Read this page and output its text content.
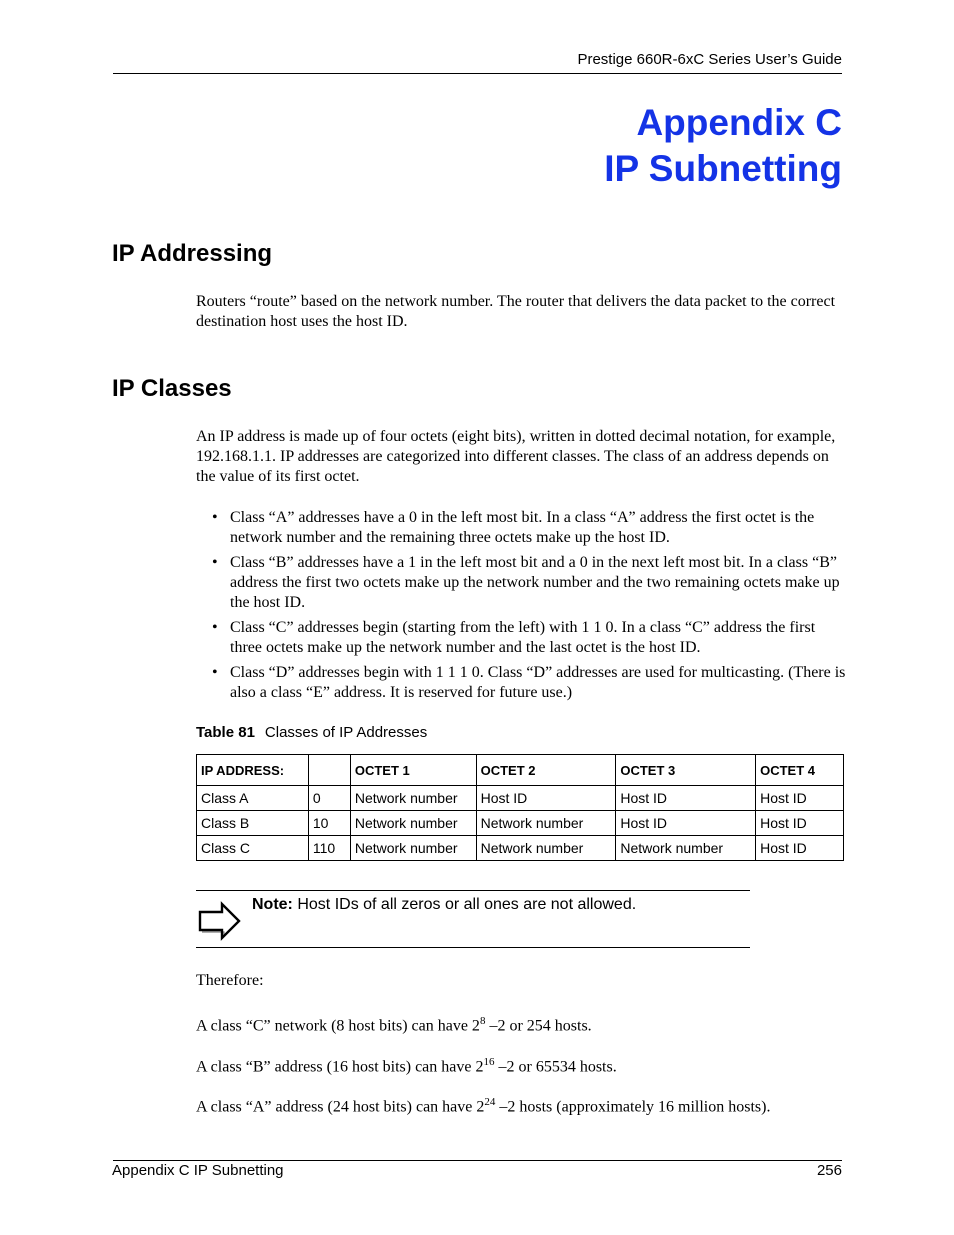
Prestige 660R-6xC Series User’s Guide
Appendix C
IP Subnetting
IP Addressing
Routers “route” based on the network number. The router that delivers the data packet to the correct destination host uses the host ID.
IP Classes
An IP address is made up of four octets (eight bits), written in dotted decimal notation, for example, 192.168.1.1. IP addresses are categorized into different classes. The class of an address depends on the value of its first octet.
• Class “A” addresses have a 0 in the left most bit. In a class “A” address the first octet is the network number and the remaining three octets make up the host ID.
• Class “B” addresses have a 1 in the left most bit and a 0 in the next left most bit. In a class “B” address the first two octets make up the network number and the two remaining octets make up the host ID.
• Class “C” addresses begin (starting from the left) with 1 1 0. In a class “C” address the first three octets make up the network number and the last octet is the host ID.
• Class “D” addresses begin with 1 1 1 0. Class “D” addresses are used for multicasting. (There is also a class “E” address. It is reserved for future use.)
Table 81 Classes of IP Addresses
IP ADDRESS:		OCTET 1	OCTET 2	OCTET 3	OCTET 4
Class A	0	Network number	Host ID	Host ID	Host ID
Class B	10	Network number	Network number	Host ID	Host ID
Class C	110	Network number	Network number	Network number	Host ID
Note: Host IDs of all zeros or all ones are not allowed.
Therefore:
A class “C” network (8 host bits) can have $2^8$ –2 or 254 hosts.
A class “B” address (16 host bits) can have $2^{16}$ –2 or 65534 hosts.
A class “A” address (24 host bits) can have $2^{24}$ –2 hosts (approximately 16 million hosts).
Appendix C IP Subnetting	256
